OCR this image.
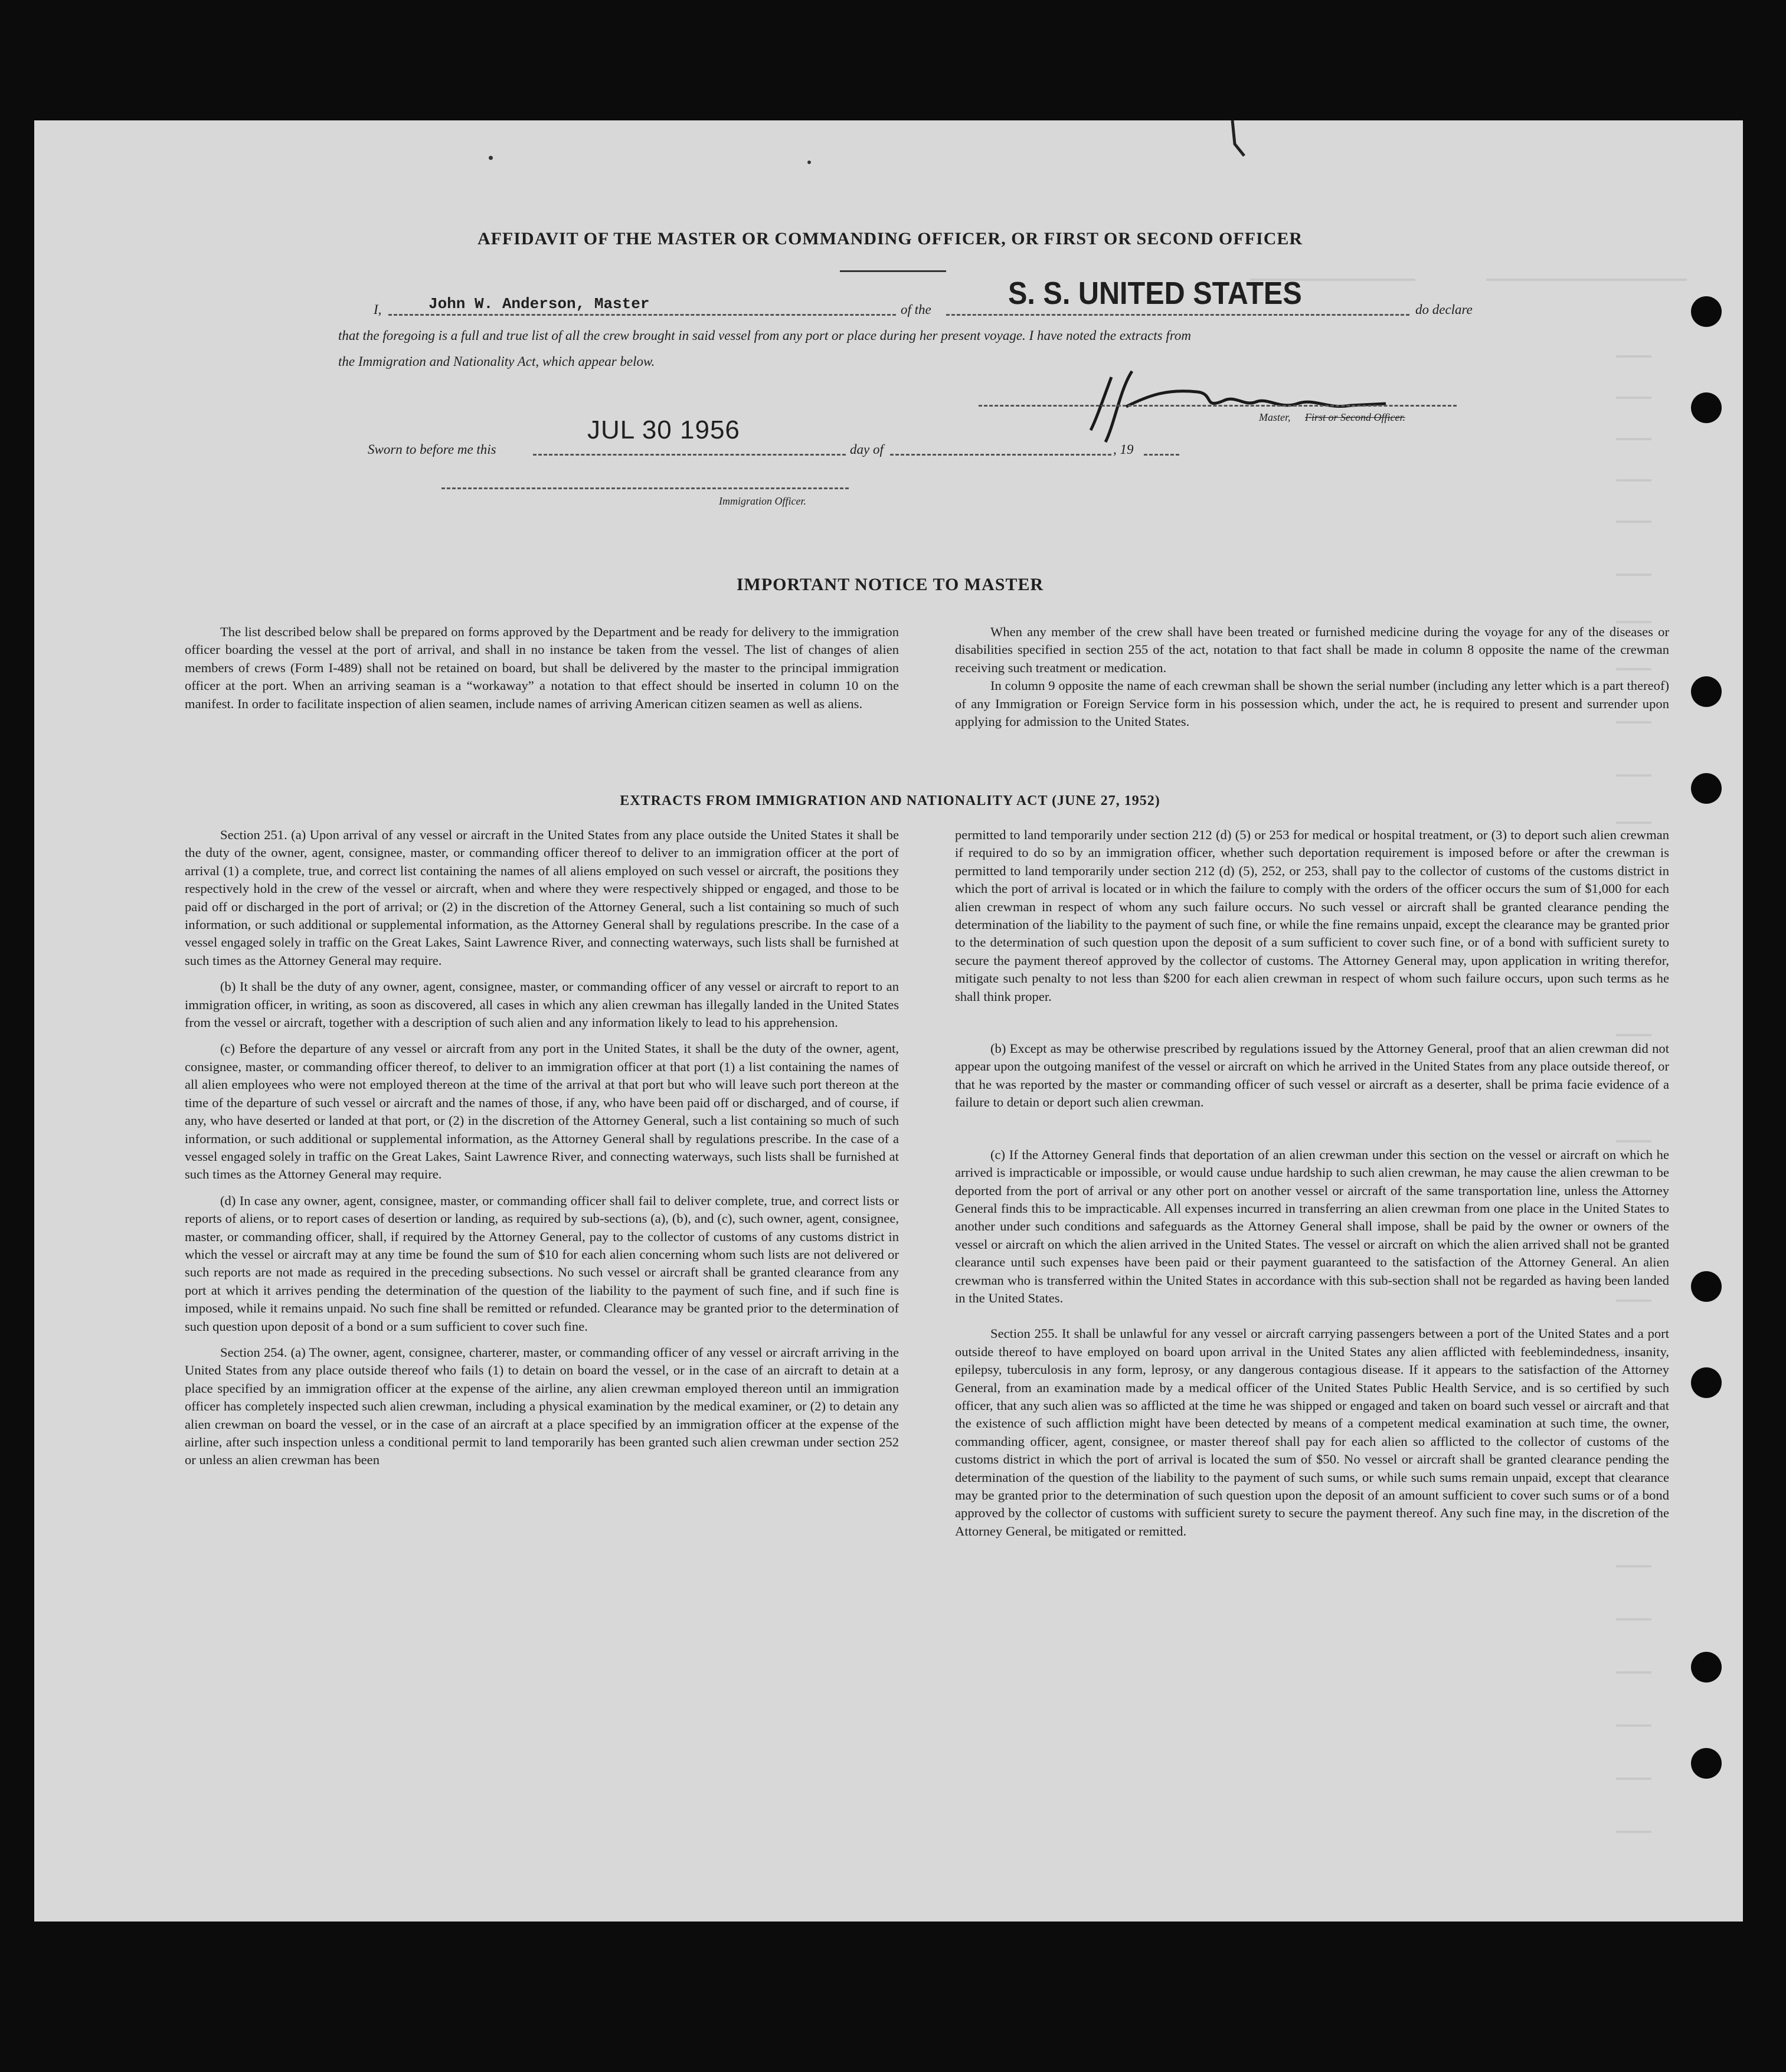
AFFIDAVIT OF THE MASTER OR COMMANDING OFFICER, OR FIRST OR SECOND OFFICER
I,	John W. Anderson, Master	of the S. S. UNITED STATES	do declare
that the foregoing is a full and true list of all the crew brought in said vessel from any port or place during her present voyage. I have noted the extracts from
the Immigration and Nationality Act, which appear below.
Master, First or Second Officer.
Sworn to before me this
JUL 30 1956
day of	, 19
Immigration Officer.
IMPORTANT NOTICE TO MASTER

The list described below shall be prepared on forms approved by the Department and be ready for delivery to the immigration officer boarding the vessel at the port of arrival, and shall in no instance be taken from the vessel. The list of changes of alien members of crews (Form I-489) shall not be retained on board, but shall be delivered by the master to the principal immigration officer at the port. When an arriving seaman is a “workaway” a notation to that effect should be inserted in column 10 on the manifest. In order to facilitate inspection of alien seamen, include names of arriving American citizen seamen as well as aliens.

When any member of the crew shall have been treated or furnished medicine during the voyage for any of the diseases or disabilities specified in section 255 of the act, notation to that fact shall be made in column 8 opposite the name of the crewman receiving such treatment or medication.

In column 9 opposite the name of each crewman shall be shown the serial number (including any letter which is a part thereof) of any Immigration or Foreign Service form in his possession which, under the act, he is required to present and surrender upon applying for admission to the United States.

EXTRACTS FROM IMMIGRATION AND NATIONALITY ACT (JUNE 27, 1952)

Section 251. (a) Upon arrival of any vessel or aircraft in the United States from any place outside the United States it shall be the duty of the owner, agent, consignee, master, or commanding officer thereof to deliver to an immigration officer at the port of arrival (1) a complete, true, and correct list containing the names of all aliens employed on such vessel or aircraft, the positions they respectively hold in the crew of the vessel or aircraft, when and where they were respectively shipped or engaged, and those to be paid off or discharged in the port of arrival; or (2) in the discretion of the Attorney General, such a list containing so much of such information, or such additional or supplemental information, as the Attorney General shall by regulations prescribe. In the case of a vessel engaged solely in traffic on the Great Lakes, Saint Lawrence River, and connecting waterways, such lists shall be furnished at such times as the Attorney General may require.

(b) It shall be the duty of any owner, agent, consignee, master, or commanding officer of any vessel or aircraft to report to an immigration officer, in writing, as soon as discovered, all cases in which any alien crewman has illegally landed in the United States from the vessel or aircraft, together with a description of such alien and any information likely to lead to his apprehension.

(c) Before the departure of any vessel or aircraft from any port in the United States, it shall be the duty of the owner, agent, consignee, master, or commanding officer thereof, to deliver to an immigration officer at that port (1) a list containing the names of all alien employees who were not employed thereon at the time of the arrival at that port but who will leave such port thereon at the time of the departure of such vessel or aircraft and the names of those, if any, who have been paid off or discharged, and of course, if any, who have deserted or landed at that port, or (2) in the discretion of the Attorney General, such a list containing so much of such information, or such additional or supplemental information, as the Attorney General shall by regulations prescribe. In the case of a vessel engaged solely in traffic on the Great Lakes, Saint Lawrence River, and connecting waterways, such lists shall be furnished at such times as the Attorney General may require.

(d) In case any owner, agent, consignee, master, or commanding officer shall fail to deliver complete, true, and correct lists or reports of aliens, or to report cases of desertion or landing, as required by sub-sections (a), (b), and (c), such owner, agent, consignee, master, or commanding officer, shall, if required by the Attorney General, pay to the collector of customs of any customs district in which the vessel or aircraft may at any time be found the sum of $10 for each alien concerning whom such lists are not delivered or such reports are not made as required in the preceding subsections. No such vessel or aircraft shall be granted clearance from any port at which it arrives pending the determination of the question of the liability to the payment of such fine, and if such fine is imposed, while it remains unpaid. No such fine shall be remitted or refunded. Clearance may be granted prior to the determination of such question upon deposit of a bond or a sum sufficient to cover such fine.

Section 254. (a) The owner, agent, consignee, charterer, master, or commanding officer of any vessel or aircraft arriving in the United States from any place outside thereof who fails (1) to detain on board the vessel, or in the case of an aircraft to detain at a place specified by an immigration officer at the expense of the airline, any alien crewman employed thereon until an immigration officer has completely inspected such alien crewman, including a physical examination by the medical examiner, or (2) to detain any alien crewman on board the vessel, or in the case of an aircraft at a place specified by an immigration officer at the expense of the airline, after such inspection unless a conditional permit to land temporarily has been granted such alien crewman under section 252 or unless an alien crewman has been

permitted to land temporarily under section 212 (d) (5) or 253 for medical or hospital treatment, or (3) to deport such alien crewman if required to do so by an immigration officer, whether such deportation requirement is imposed before or after the crewman is permitted to land temporarily under section 212 (d) (5), 252, or 253, shall pay to the collector of customs of the customs district in which the port of arrival is located or in which the failure to comply with the orders of the officer occurs the sum of $1,000 for each alien crewman in respect of whom any such failure occurs. No such vessel or aircraft shall be granted clearance pending the determination of the liability to the payment of such fine, or while the fine remains unpaid, except the clearance may be granted prior to the determination of such question upon the deposit of a sum sufficient to cover such fine, or of a bond with sufficient surety to secure the payment thereof approved by the collector of customs. The Attorney General may, upon application in writing therefor, mitigate such penalty to not less than $200 for each alien crewman in respect of whom such failure occurs, upon such terms as he shall think proper.

(b) Except as may be otherwise prescribed by regulations issued by the Attorney General, proof that an alien crewman did not appear upon the outgoing manifest of the vessel or aircraft on which he arrived in the United States from any place outside thereof, or that he was reported by the master or commanding officer of such vessel or aircraft as a deserter, shall be prima facie evidence of a failure to detain or deport such alien crewman.

(c) If the Attorney General finds that deportation of an alien crewman under this section on the vessel or aircraft on which he arrived is impracticable or impossible, or would cause undue hardship to such alien crewman, he may cause the alien crewman to be deported from the port of arrival or any other port on another vessel or aircraft of the same transportation line, unless the Attorney General finds this to be impracticable. All expenses incurred in transferring an alien crewman from one place in the United States to another under such conditions and safeguards as the Attorney General shall impose, shall be paid by the owner or owners of the vessel or aircraft on which the alien arrived in the United States. The vessel or aircraft on which the alien arrived shall not be granted clearance until such expenses have been paid or their payment guaranteed to the satisfaction of the Attorney General. An alien crewman who is transferred within the United States in accordance with this sub-section shall not be regarded as having been landed in the United States.

Section 255. It shall be unlawful for any vessel or aircraft carrying passengers between a port of the United States and a port outside thereof to have employed on board upon arrival in the United States any alien afflicted with feeblemindedness, insanity, epilepsy, tuberculosis in any form, leprosy, or any dangerous contagious disease. If it appears to the satisfaction of the Attorney General, from an examination made by a medical officer of the United States Public Health Service, and is so certified by such officer, that any such alien was so afflicted at the time he was shipped or engaged and taken on board such vessel or aircraft and that the existence of such affliction might have been detected by means of a competent medical examination at such time, the owner, commanding officer, agent, consignee, or master thereof shall pay for each alien so afflicted to the collector of customs of the customs district in which the port of arrival is located the sum of $50. No vessel or aircraft shall be granted clearance pending the determination of the question of the liability to the payment of such sums, or while such sums remain unpaid, except that clearance may be granted prior to the determination of such question upon the deposit of an amount sufficient to cover such sums or of a bond approved by the collector of customs with sufficient surety to secure the payment thereof. Any such fine may, in the discretion of the Attorney General, be mitigated or remitted.
